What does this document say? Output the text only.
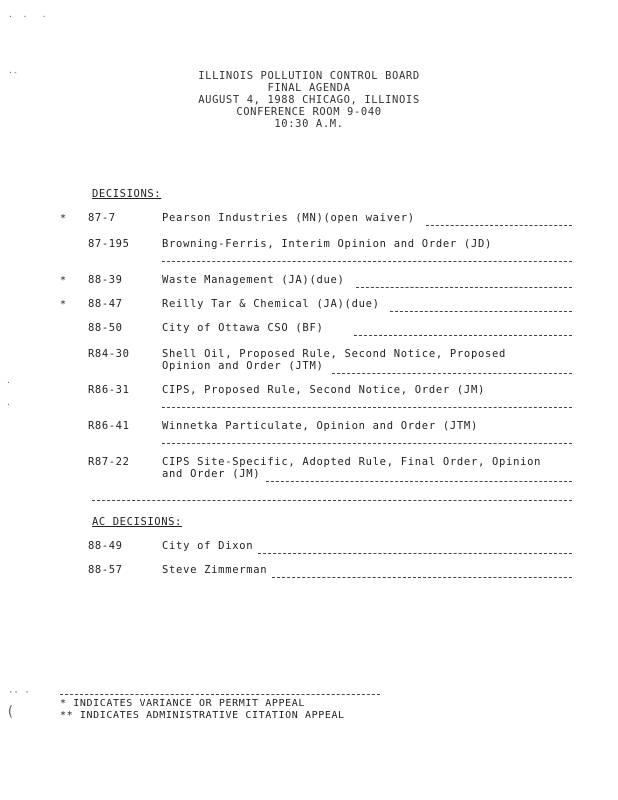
·  ·   ·
·-
·
·
·· ·
(
ILLINOIS POLLUTION CONTROL BOARD
FINAL AGENDA
AUGUST 4, 1988 CHICAGO, ILLINOIS
CONFERENCE ROOM 9-040
10:30 A.M.
DECISIONS:
* 87-7	Pearson Industries (MN)(open waiver)
87-195	Browning-Ferris, Interim Opinion and Order (JD)
* 88-39	Waste Management (JA)(due)
* 88-47	Reilly Tar & Chemical (JA)(due)
88-50	City of Ottawa CSO (BF)
R84-30	Shell Oil, Proposed Rule, Second Notice, Proposed
Opinion and Order (JTM)
R86-31	CIPS, Proposed Rule, Second Notice, Order (JM)
R86-41	Winnetka Particulate, Opinion and Order (JTM)
R87-22	CIPS Site-Specific, Adopted Rule, Final Order, Opinion
and Order (JM)
AC DECISIONS:
88-49	City of Dixon
88-57	Steve Zimmerman
* INDICATES VARIANCE OR PERMIT APPEAL
** INDICATES ADMINISTRATIVE CITATION APPEAL
